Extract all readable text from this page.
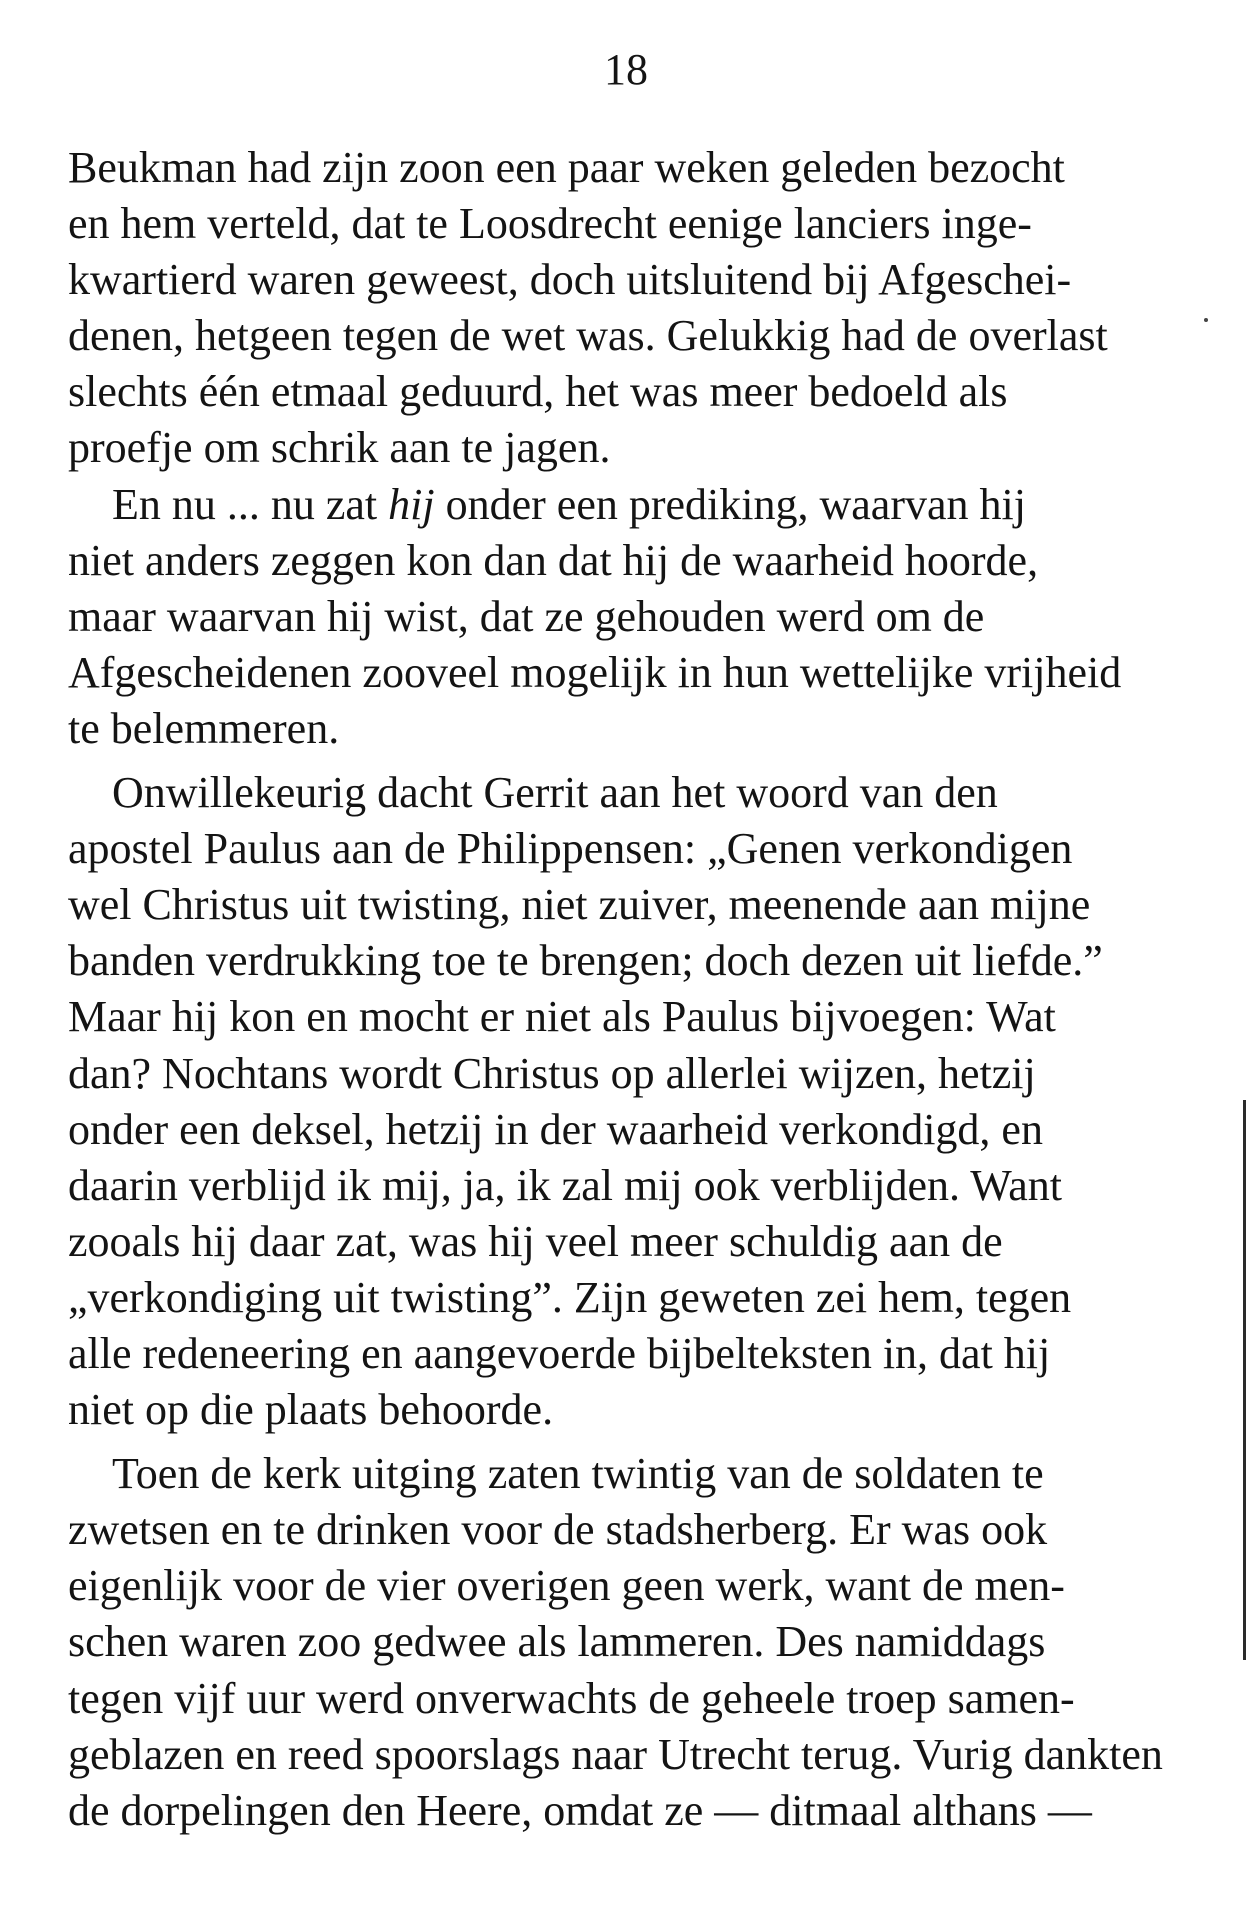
18

Beukman had zijn zoon een paar weken geleden bezocht
en hem verteld, dat te Loosdrecht eenige lanciers inge-
kwartierd waren geweest, doch uitsluitend bij Afgeschei-
denen, hetgeen tegen de wet was. Gelukkig had de overlast
slechts één etmaal geduurd, het was meer bedoeld als
proefje om schrik aan te jagen.

En nu ... nu zat hij onder een prediking, waarvan hij
niet anders zeggen kon dan dat hij de waarheid hoorde,
maar waarvan hij wist, dat ze gehouden werd om de
Afgescheidenen zooveel mogelijk in hun wettelijke vrijheid
te belemmeren.

Onwillekeurig dacht Gerrit aan het woord van den
apostel Paulus aan de Philippensen: „Genen verkondigen
wel Christus uit twisting, niet zuiver, meenende aan mijne
banden verdrukking toe te brengen; doch dezen uit liefde.”
Maar hij kon en mocht er niet als Paulus bijvoegen: Wat
dan? Nochtans wordt Christus op allerlei wijzen, hetzij
onder een deksel, hetzij in der waarheid verkondigd, en
daarin verblijd ik mij, ja, ik zal mij ook verblijden. Want
zooals hij daar zat, was hij veel meer schuldig aan de
„verkondiging uit twisting”. Zijn geweten zei hem, tegen
alle redeneering en aangevoerde bijbelteksten in, dat hij
niet op die plaats behoorde.

Toen de kerk uitging zaten twintig van de soldaten te
zwetsen en te drinken voor de stadsherberg. Er was ook
eigenlijk voor de vier overigen geen werk, want de men-
schen waren zoo gedwee als lammeren. Des namiddags
tegen vijf uur werd onverwachts de geheele troep samen-
geblazen en reed spoorslags naar Utrecht terug. Vurig dankten
de dorpelingen den Heere, omdat ze — ditmaal althans —
